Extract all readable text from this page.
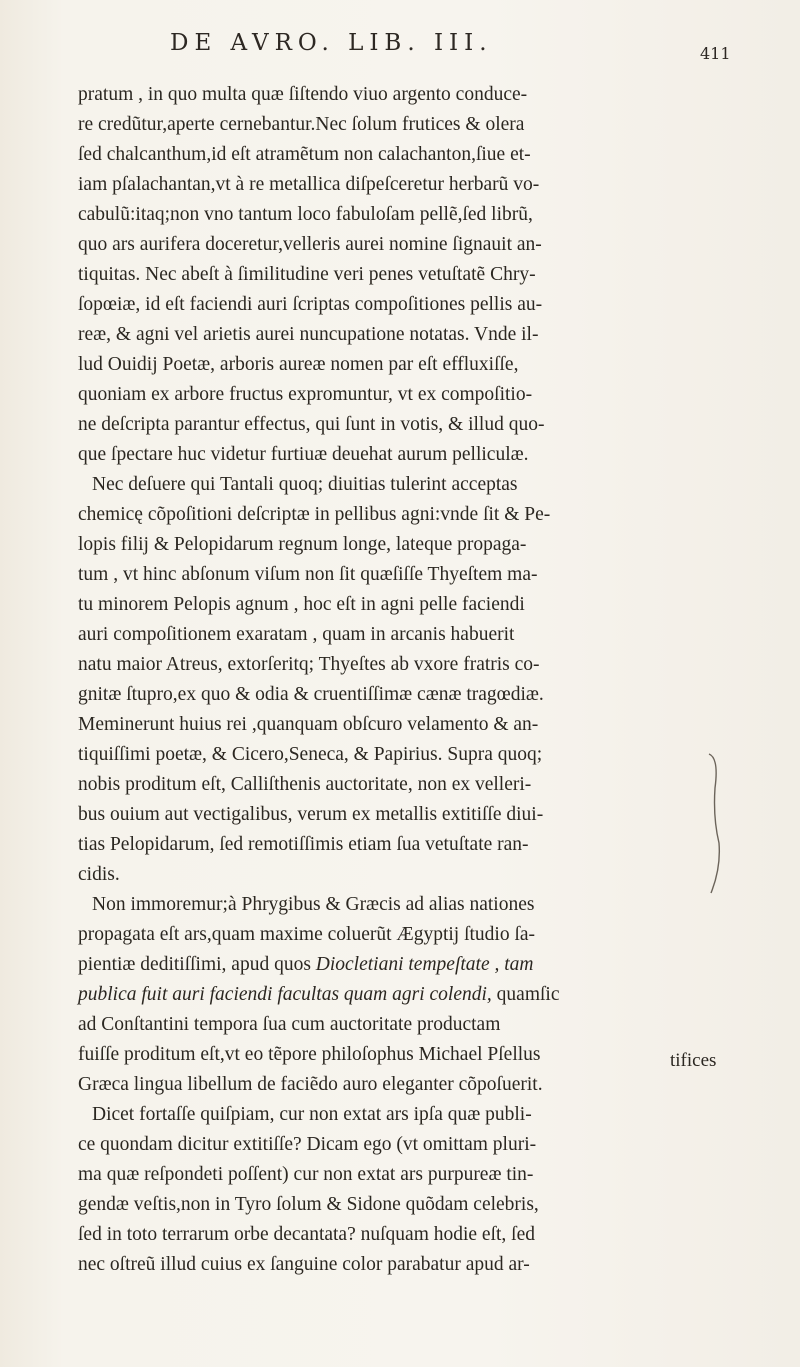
DE AVRO. LIB. III.	411
pratum , in quo multa quæ ſiſtendo viuo argento conduce-
re credũtur,aperte cernebantur.Nec ſolum frutices & olera
ſed chalcanthum,id eſt atramẽtum non calachanton,ſiue et-
iam pſalachantan,vt à re metallica diſpeſceretur herbarũ vo-
cabulũ:itaq;non vno tantum loco fabuloſam pellẽ,ſed librũ,
quo ars aurifera doceretur,velleris aurei nomine ſignauit an-
tiquitas. Nec abeſt à ſimilitudine veri penes vetuſtatẽ Chry-
ſopœiæ, id eſt faciendi auri ſcriptas compoſitiones pellis au-
reæ, & agni vel arietis aurei nuncupatione notatas. Vnde il-
lud Ouidij Poetæ, arboris aureæ nomen par eſt effluxiſſe,
quoniam ex arbore fructus expromuntur, vt ex compoſitio-
ne deſcripta parantur effectus, qui ſunt in votis, & illud quo-
que ſpectare huc videtur furtiuæ deuehat aurum pelliculæ.
Nec deſuere qui Tantali quoq; diuitias tulerint acceptas
chemicę cõpoſitioni deſcriptæ in pellibus agni:vnde ſit & Pe-
lopis filij & Pelopidarum regnum longe, lateque propaga-
tum , vt hinc abſonum viſum non ſit quæſiſſe Thyeſtem ma-
tu minorem Pelopis agnum , hoc eſt in agni pelle faciendi
auri compoſitionem exaratam , quam in arcanis habuerit
natu maior Atreus, extorſeritq; Thyeſtes ab vxore fratris co-
gnitæ ſtupro,ex quo & odia & cruentiſſimæ cænæ tragœdiæ.
Meminerunt huius rei ,quanquam obſcuro velamento & an-
tiquiſſimi poetæ, & Cicero,Seneca, & Papirius. Supra quoq;
nobis proditum eſt, Calliſthenis auctoritate, non ex velleri-
bus ouium aut vectigalibus, verum ex metallis extitiſſe diui-
tias Pelopidarum, ſed remotiſſimis etiam ſua vetuſtate ran-
cidis.
Non immoremur;à Phrygibus & Græcis ad alias nationes
propagata eſt ars,quam maxime coluerũt Ægyptij ſtudio ſa-
pientiæ deditiſſimi, apud quos Diocletiani tempeſtate , tam
publica fuit auri faciendi facultas quam agri colendi, quamſic
ad Conſtantini tempora ſua cum auctoritate productam
fuiſſe proditum eſt,vt eo tẽpore philoſophus Michael Pſellus
Græca lingua libellum de faciẽdo auro eleganter cõpoſuerit.
Dicet fortaſſe quiſpiam, cur non extat ars ipſa quæ publi-
ce quondam dicitur extitiſſe? Dicam ego (vt omittam pluri-
ma quæ reſpondeti poſſent) cur non extat ars purpureæ tin-
gendæ veſtis,non in Tyro ſolum & Sidone quõdam celebris,
ſed in toto terrarum orbe decantata? nuſquam hodie eſt, ſed
nec oſtreũ illud cuius ex ſanguine color parabatur apud ar-
tifices
